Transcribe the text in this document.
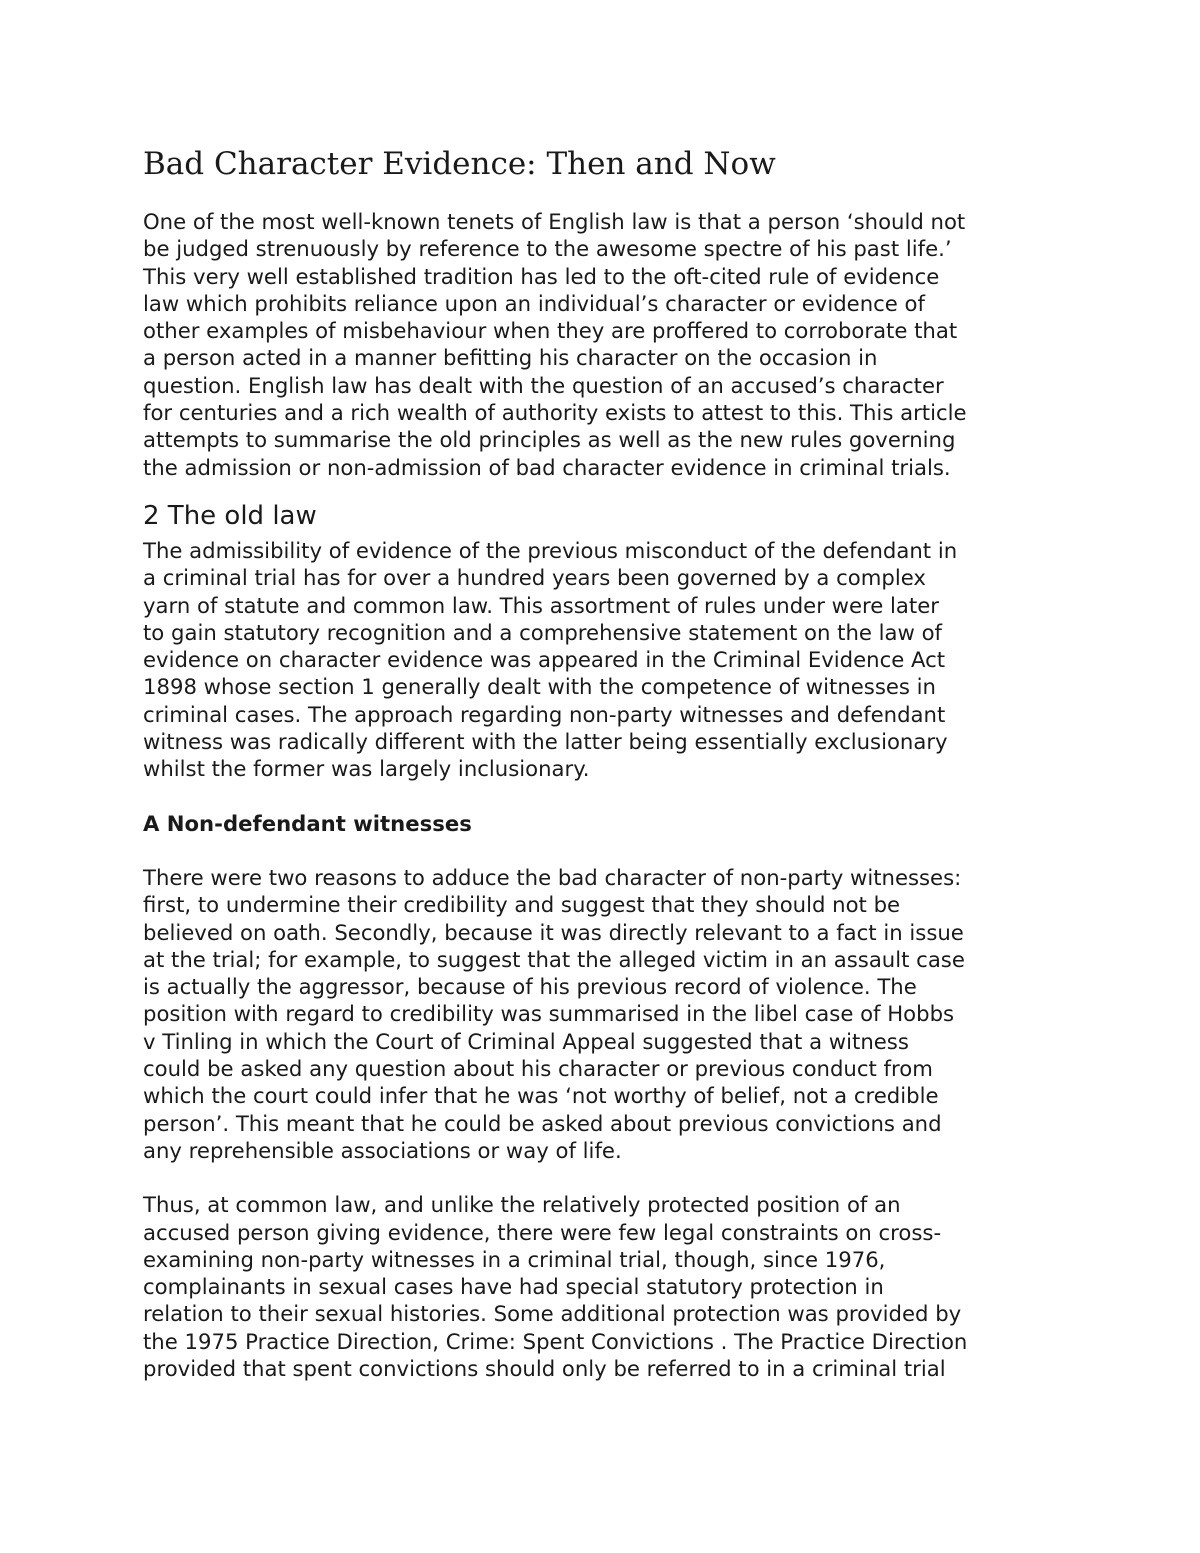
Bad Character Evidence: Then and Now

One of the most well-known tenets of English law is that a person ‘should not
be judged strenuously by reference to the awesome spectre of his past life.’
This very well established tradition has led to the oft-cited rule of evidence
law which prohibits reliance upon an individual’s character or evidence of
other examples of misbehaviour when they are proffered to corroborate that
a person acted in a manner befitting his character on the occasion in
question. English law has dealt with the question of an accused’s character
for centuries and a rich wealth of authority exists to attest to this. This article
attempts to summarise the old principles as well as the new rules governing
the admission or non-admission of bad character evidence in criminal trials.

2 The old law

The admissibility of evidence of the previous misconduct of the defendant in
a criminal trial has for over a hundred years been governed by a complex
yarn of statute and common law. This assortment of rules under were later
to gain statutory recognition and a comprehensive statement on the law of
evidence on character evidence was appeared in the Criminal Evidence Act
1898 whose section 1 generally dealt with the competence of witnesses in
criminal cases. The approach regarding non-party witnesses and defendant
witness was radically different with the latter being essentially exclusionary
whilst the former was largely inclusionary.

A Non-defendant witnesses

There were two reasons to adduce the bad character of non-party witnesses:
first, to undermine their credibility and suggest that they should not be
believed on oath. Secondly, because it was directly relevant to a fact in issue
at the trial; for example, to suggest that the alleged victim in an assault case
is actually the aggressor, because of his previous record of violence. The
position with regard to credibility was summarised in the libel case of Hobbs
v Tinling in which the Court of Criminal Appeal suggested that a witness
could be asked any question about his character or previous conduct from
which the court could infer that he was ‘not worthy of belief, not a credible
person’. This meant that he could be asked about previous convictions and
any reprehensible associations or way of life.

Thus, at common law, and unlike the relatively protected position of an
accused person giving evidence, there were few legal constraints on cross-
examining non-party witnesses in a criminal trial, though, since 1976,
complainants in sexual cases have had special statutory protection in
relation to their sexual histories. Some additional protection was provided by
the 1975 Practice Direction, Crime: Spent Convictions . The Practice Direction
provided that spent convictions should only be referred to in a criminal trial
